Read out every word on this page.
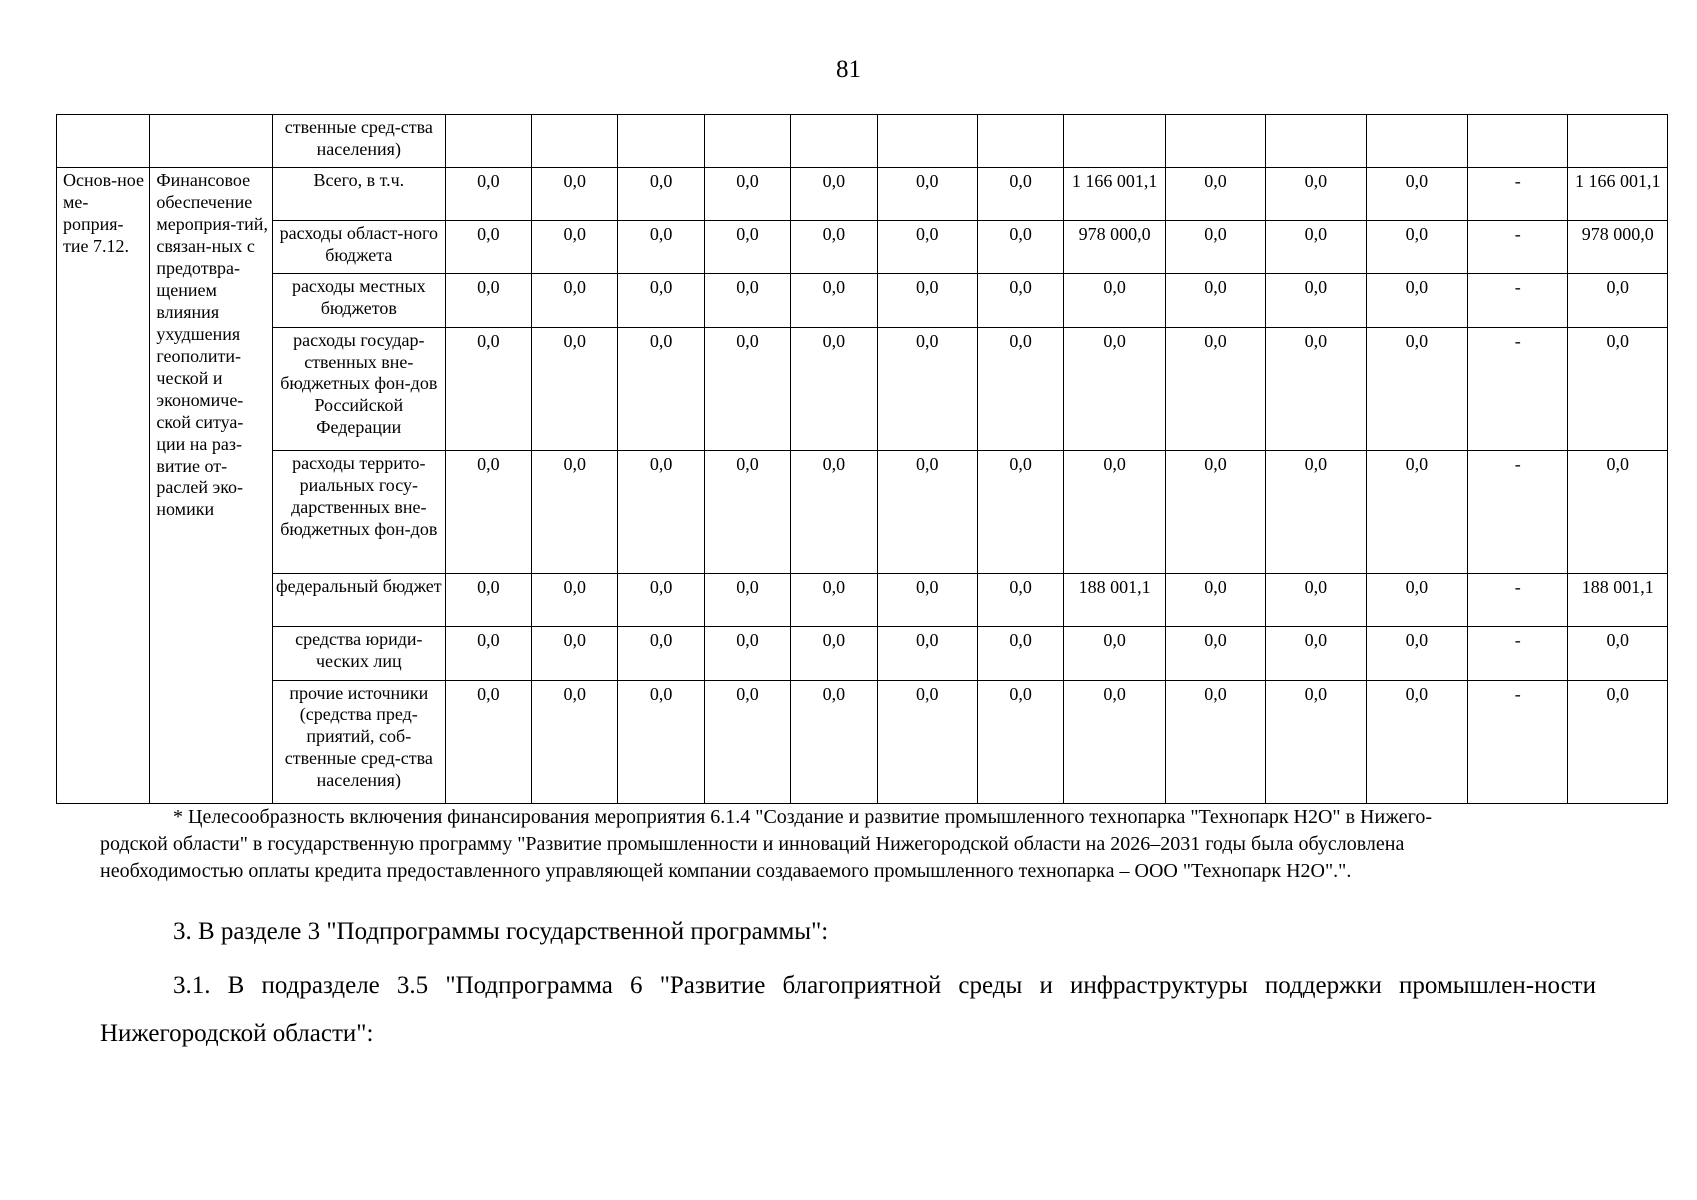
81
		ственные сред-ства населения)													
Основ-ное ме-роприя-тие 7.12.	Финансовое обеспечение мероприя-тий, связан-ных с предотвра-щением влияния ухудшения геополити-ческой и экономиче-ской ситуа-ции на раз-витие от-раслей эко-номики	Всего, в т.ч.	0,0	0,0	0,0	0,0	0,0	0,0	0,0	1 166 001,1	0,0	0,0	0,0	-	1 166 001,1
		расходы област-ного бюджета	0,0	0,0	0,0	0,0	0,0	0,0	0,0	978 000,0	0,0	0,0	0,0	-	978 000,0
		расходы местных бюджетов	0,0	0,0	0,0	0,0	0,0	0,0	0,0	0,0	0,0	0,0	0,0	-	0,0
		расходы государ-ственных вне-бюджетных фон-дов Российской Федерации	0,0	0,0	0,0	0,0	0,0	0,0	0,0	0,0	0,0	0,0	0,0	-	0,0
		расходы террито-риальных госу-дарственных вне-бюджетных фон-дов	0,0	0,0	0,0	0,0	0,0	0,0	0,0	0,0	0,0	0,0	0,0	-	0,0
		федеральный бюджет	0,0	0,0	0,0	0,0	0,0	0,0	0,0	188 001,1	0,0	0,0	0,0	-	188 001,1
		средства юриди-ческих лиц	0,0	0,0	0,0	0,0	0,0	0,0	0,0	0,0	0,0	0,0	0,0	-	0,0
		прочие источники (средства пред-приятий, соб-ственные сред-ства населения)	0,0	0,0	0,0	0,0	0,0	0,0	0,0	0,0	0,0	0,0	0,0	-	0,0

* Целесообразность включения финансирования мероприятия 6.1.4 "Создание и развитие промышленного технопарка "Технопарк H2O" в Нижего-

родской области" в государственную программу "Развитие промышленности и инноваций Нижегородской области на 2026–2031 годы была обусловлена

необходимостью оплаты кредита предоставленного управляющей компании создаваемого промышленного технопарка – ООО "Технопарк H2O".".

3. В разделе 3 "Подпрограммы государственной программы":

3.1. В подразделе 3.5 "Подпрограмма 6 "Развитие благоприятной среды и инфраструктуры поддержки промышлен-ности Нижегородской области":
